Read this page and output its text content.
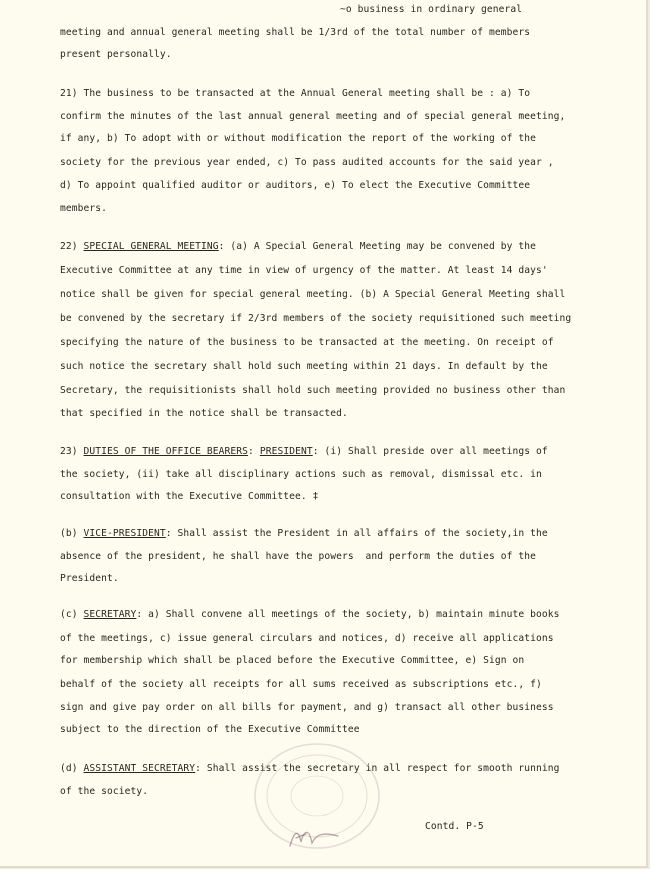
~o business in ordinary general

meeting and annual general meeting shall be 1/3rd of the total number of members

present personally.

21) The business to be transacted at the Annual General meeting shall be : a) To

confirm the minutes of the last annual general meeting and of special general meeting,

if any, b) To adopt with or without modification the report of the working of the

society for the previous year ended, c) To pass audited accounts for the said year ,

d) To appoint qualified auditor or auditors, e) To elect the Executive Committee

members.

22) SPECIAL GENERAL MEETING: (a) A Special General Meeting may be convened by the

Executive Committee at any time in view of urgency of the matter. At least 14 days'

notice shall be given for special general meeting. (b) A Special General Meeting shall

be convened by the secretary if 2/3rd members of the society requisitioned such meeting

specifying the nature of the business to be transacted at the meeting. On receipt of

such notice the secretary shall hold such meeting within 21 days. In default by the

Secretary, the requisitionists shall hold such meeting provided no business other than

that specified in the notice shall be transacted.

23) DUTIES OF THE OFFICE BEARERS: PRESIDENT: (i) Shall preside over all meetings of

the society, (ii) take all disciplinary actions such as removal, dismissal etc. in

consultation with the Executive Committee. ‡

(b) VICE-PRESIDENT: Shall assist the President in all affairs of the society,in the

absence of the president, he shall have the powers  and perform the duties of the

President.

(c) SECRETARY: a) Shall convene all meetings of the society, b) maintain minute books

of the meetings, c) issue general circulars and notices, d) receive all applications

for membership which shall be placed before the Executive Committee, e) Sign on

behalf of the society all receipts for all sums received as subscriptions etc., f)

sign and give pay order on all bills for payment, and g) transact all other business

subject to the direction of the Executive Committee

(d) ASSISTANT SECRETARY: Shall assist the secretary in all respect for smooth running

of the society.

Contd. P-5
